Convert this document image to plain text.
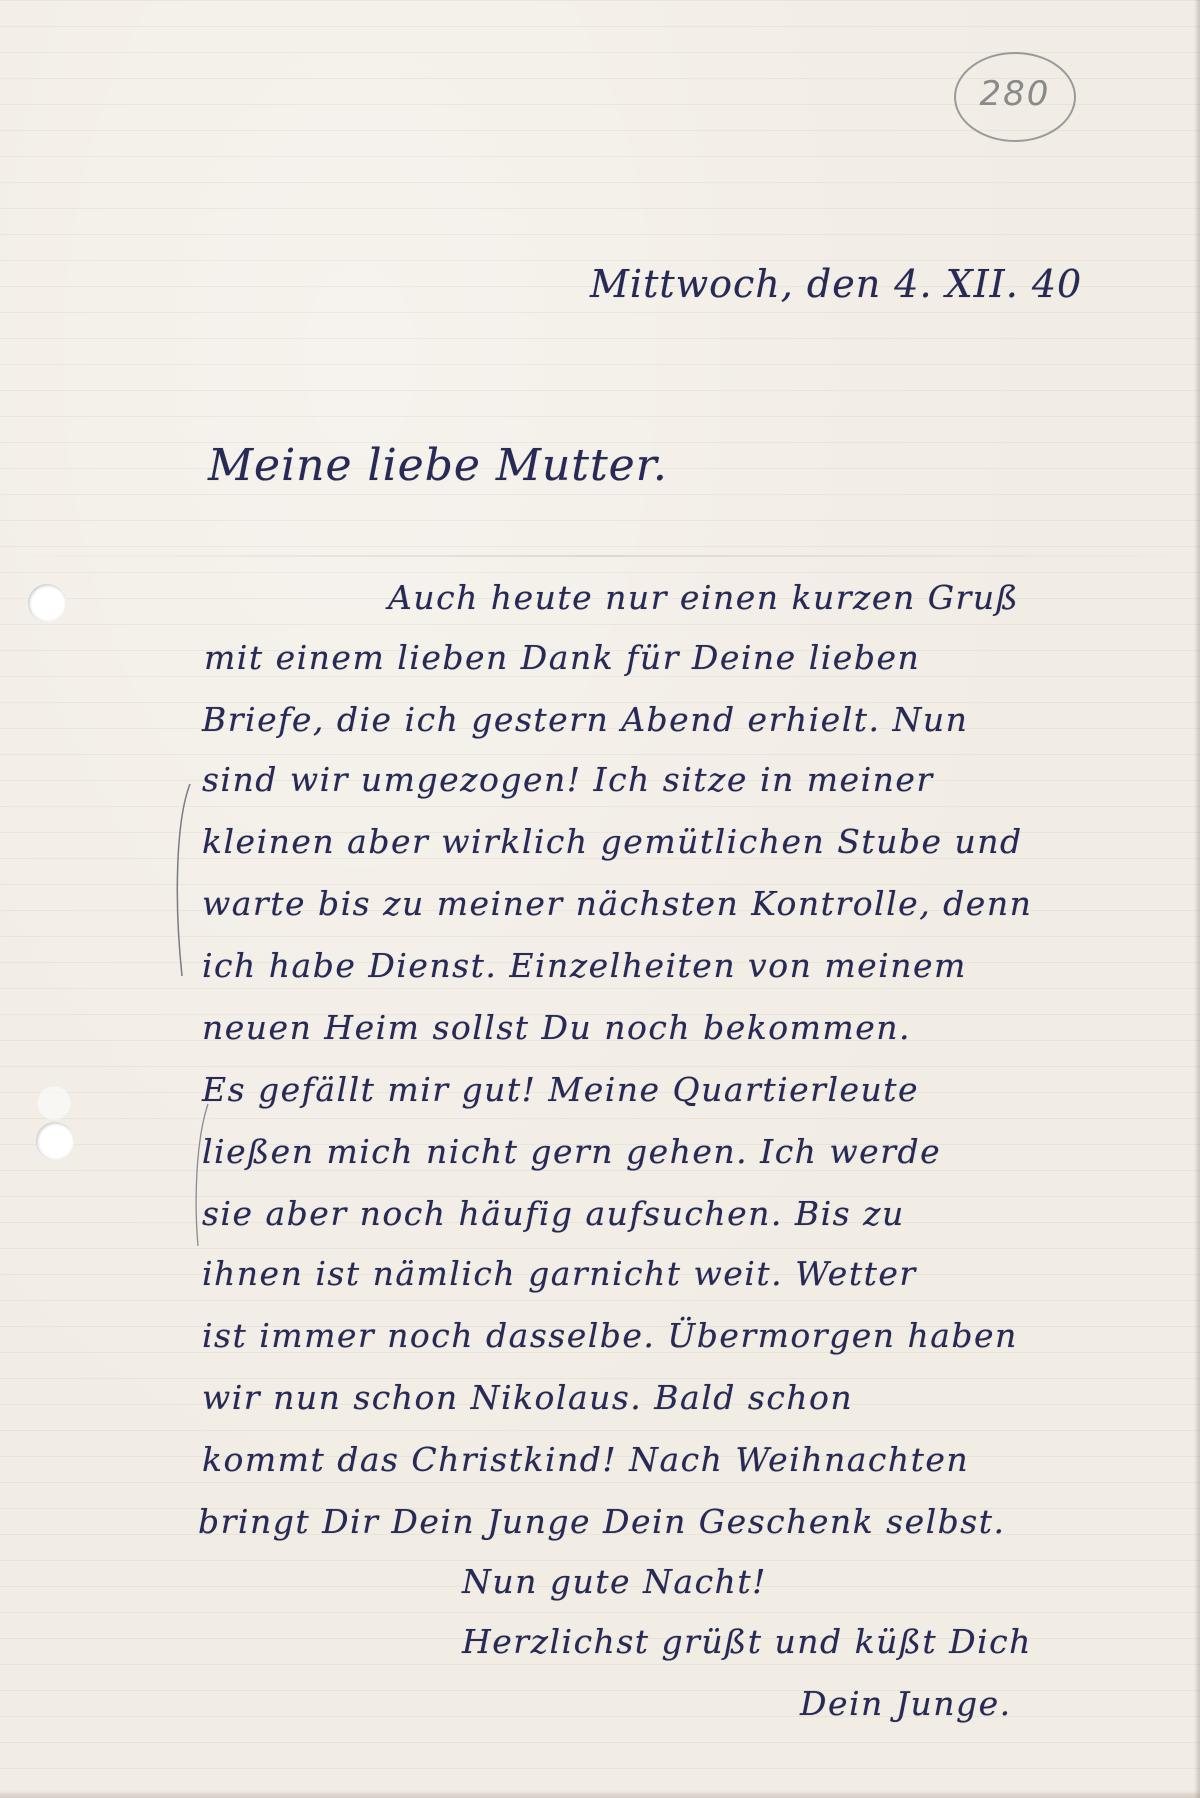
280
Mittwoch, den 4. XII. 40
Meine liebe Mutter.
Auch heute nur einen kurzen Gruß
mit einem lieben Dank für Deine lieben
Briefe, die ich gestern Abend erhielt. Nun
sind wir umgezogen! Ich sitze in meiner
kleinen aber wirklich gemütlichen Stube und
warte bis zu meiner nächsten Kontrolle, denn
ich habe Dienst. Einzelheiten von meinem
neuen Heim sollst Du noch bekommen.
Es gefällt mir gut! Meine Quartierleute
ließen mich nicht gern gehen. Ich werde
sie aber noch häufig aufsuchen. Bis zu
ihnen ist nämlich garnicht weit. Wetter
ist immer noch dasselbe. Übermorgen haben
wir nun schon Nikolaus. Bald schon
kommt das Christkind! Nach Weihnachten
bringt Dir Dein Junge Dein Geschenk selbst.
Nun gute Nacht!
Herzlichst grüßt und küßt Dich
Dein Junge.
